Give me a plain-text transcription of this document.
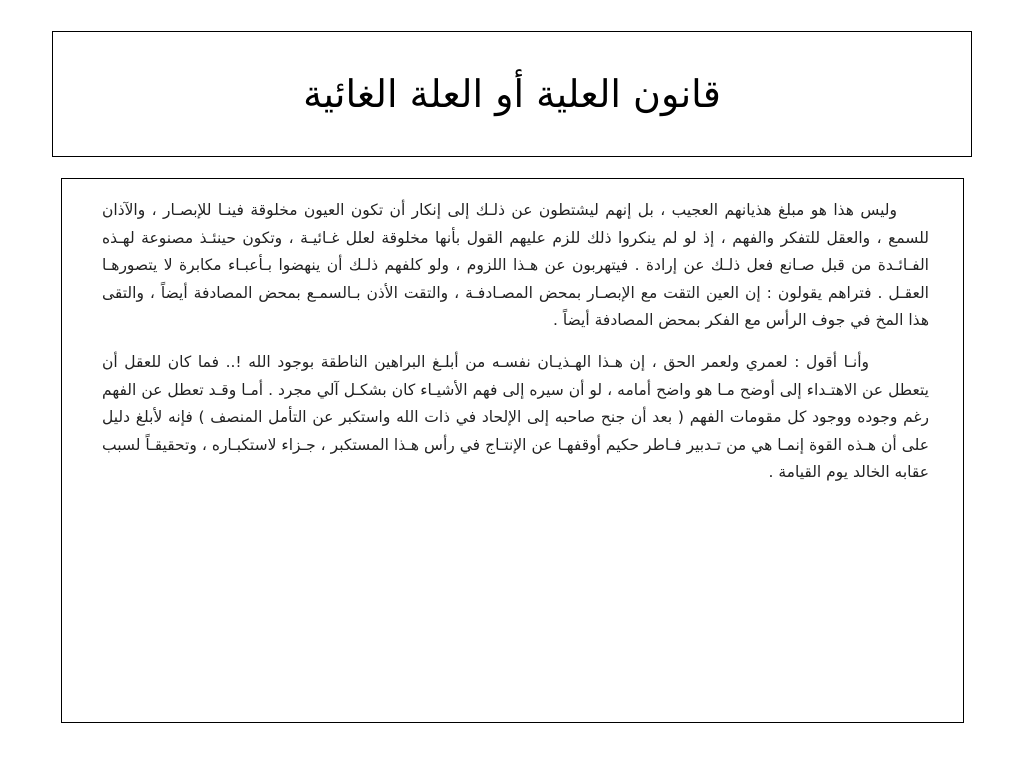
قانون العلية أو العلة الغائية

وليس هذا هو مبلغ هذيانهم العجيب ، بل إنهم ليشتطون عن ذلـك إلى إنكار أن تكون العيون مخلوقة فينـا للإبصـار ، والآذان للسمع ، والعقل للتفكر والفهم ، إذ لو لم ينكروا ذلك للزم عليهم القول بأنها مخلوقة لعلل غـائيـة ، وتكون حينئـذ مصنوعة لهـذه الفـائـدة من قبل صـانع فعل ذلـك عن إرادة . فيتهربون عن هـذا اللزوم ، ولو كلفهم ذلـك أن ينهضوا بـأعبـاء مكابرة لا يتصورهـا العقـل . فتراهم يقولون : إن العين التقت مع الإبصـار بمحض المصـادفـة ، والتقت الأذن بـالسمـع بمحض المصادفة أيضاً ، والتقى هذا المخ في جوف الرأس مع الفكر بمحض المصادفة أيضاً .

وأنـا أقول : لعمري ولعمر الحق ، إن هـذا الهـذيـان نفسـه من أبلـغ البراهين الناطقة بوجود الله !.. فما كان للعقل أن يتعطل عن الاهتـداء إلى أوضح مـا هو واضح أمامه ، لو أن سيره إلى فهم الأشيـاء كان بشكـل آلي مجرد . أمـا وقـد تعطل عن الفهم رغم وجوده ووجود كل مقومات الفهم ( بعد أن جنح صاحبه إلى الإلحاد في ذات الله واستكبر عن التأمل المنصف ) فإنه لأبلغ دليل على أن هـذه القوة إنمـا هي من تـدبير فـاطر حكيم أوقفهـا عن الإنتـاج في رأس هـذا المستكبر ، جـزاء لاستكبـاره ، وتحقيقـاً لسبب عقابه الخالد يوم القيامة .
